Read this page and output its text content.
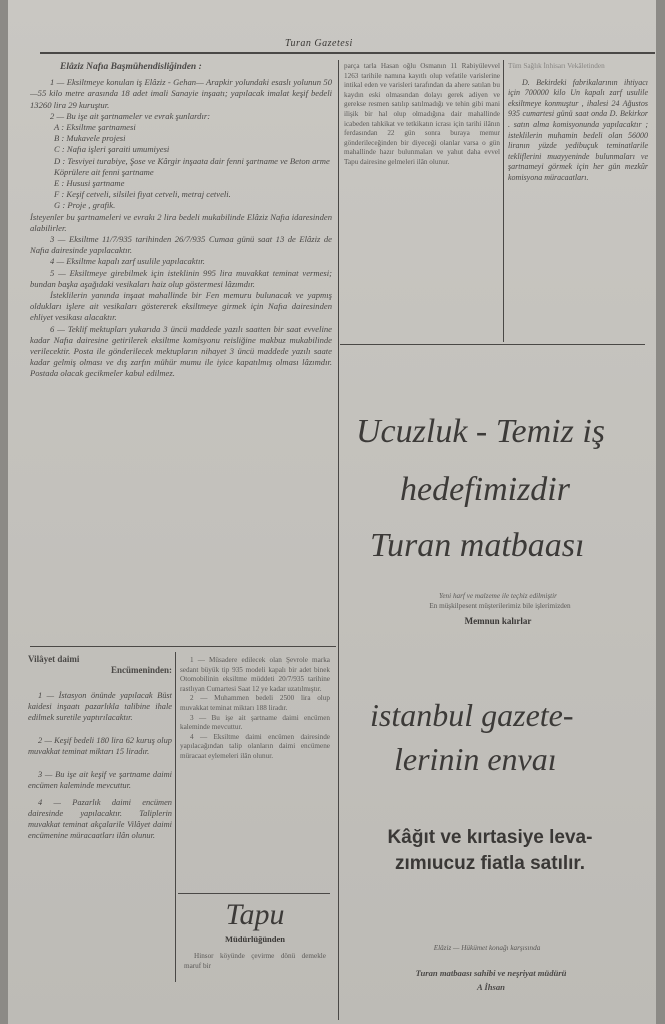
Turan Gazetesi

Elâziz Nafıa Başmühendisliğinden :

1 — Eksiltmeye konulan iş Elâziz - Gehan— Arapkir yolundaki esaslı yolunun 50—55 kilo metre arasında 18 adet imali Sanayie inşaatı; yapılacak imalat keşif bedeli 13260 lira 29 kuruştur.

2 — Bu işe ait şartnameler ve evrak şunlardır:

A : Eksiltme şartnamesi

B : Mukavele projesi

C : Nafıa işleri şaraiti umumiyesi

D : Tesviyei turabiye, Şose ve Kârgir inşaata dair fenni şartname ve Beton arme Köprülere ait fenni şartname

E : Hususi şartname

F : Keşif cetveli, silsilei fiyat cetveli, metraj cetveli.

G : Proje , grafik.

İsteyenler bu şartnameleri ve evrakı 2 lira bedeli mukabilinde Elâziz Nafıa idaresinden alabilirler.

3 — Eksiltme 11/7/935 tarihinden 26/7/935 Cumaa günü saat 13 de Elâziz de Nafıa dairesinde yapılacaktır.

4 — Eksiltme kapalı zarf usulile yapılacaktır.

5 — Eksiltmeye girebilmek için isteklinin 995 lira muvakkat teminat vermesi; bundan başka aşağıdaki vesikaları haiz olup göstermesi lâzımdır.

İsteklilerin yanında inşaat mahallinde bir Fen memuru bulunacak ve yapmış oldukları işlere ait vesikaları göstererek eksiltmeye girmek için Nafıa dairesinden ehliyet vesikası alacaktır.

6 — Teklif mektupları yukarıda 3 üncü maddede yazılı saatten bir saat evveline kadar Nafıa dairesine getirilerek eksiltme komisyonu reisliğine makbuz mukabilinde verilecektir. Posta ile gönderilecek mektupların nihayet 3 üncü maddede yazılı saate kadar gelmiş olması ve dış zarfın mühür mumu ile iyice kapatılmış olması lâzımdır. Postada olacak gecikmeler kabul edilmez.

Vilâyet daimi

Encümeninden:

1 — İstasyon önünde yapılacak Büst kaidesi inşaatı pazarlıkla talibine ihale edilmek suretile yaptırılacaktır.

2 — Keşif bedeli 180 lira 62 kuruş olup muvakkat teminat miktarı 15 liradır.

3 — Bu işe ait keşif ve şartname daimi encümen kaleminde mevcuttur.

4 — Pazarlık daimi encümen dairesinde yapılacaktır. Taliplerin muvakkat teminat akçalarile Vilâyet daimi encümenine müracaatları ilân olunur.

1 — Müsadere edilecek olan Şevrole marka sedant büyük tip 935 modeli kapalı bir adet binek Otomobilinin eksiltme müddeti 20/7/935 tarihine rastlıyan Cumartesi Saat 12 ye kadar uzatılmıştır.

2 — Muhammen bedeli 2500 lira olup muvakkat teminat miktarı 188 liradır.

3 — Bu işe ait şartname daimi encümen kaleminde mevcuttur.

4 — Eksiltme daimi encümen dairesinde yapılacağından talip olanların daimi encümene müracaat eylemeleri ilân olunur.

Tapu
Müdürlüğünden
Hinsor köyünde çevirme dönü demekle maruf bir
parça tarla Hasan oğlu Osmanın 11 Rabiyülevvel 1263 tarihile namına kayıtlı olup vefatile varislerine intikal eden ve varisleri tarafından da ahere satılan bu kaydın eski olmasından dolayı gerek adiyen ve gerekse resmen satılıp satılmadığı ve tehin gibi mani ilişik bir hal olup olmadığına dair mahallinde icabeden tahkikat ve tetkikatın icrası için tarihi ilânın ferdasından 22 gün sonra buraya memur gönderileceğinden bir diyeceği olanlar varsa o gün mahallinde hazır bulunmaları ve yahut daha evvel Tapu dairesine gelmeleri ilân olunur.

Tüm Sağlık İnhisarı Vekâletinden

D. Bekirdeki fabrikalarının ihtiyacı için 700000 kilo Un kapalı zarf usulile eksiltmeye konmuştur , ihalesi 24 Ağustos 935 cumartesi günü saat onda D. Bekirkor . satın alma komisyonunda yapılacaktır ; isteklilerin muhamin bedeli olan 56000 liranın yüzde yedibuçuk teminatlarile tekliflerini muayyeninde bulunmaları ve şartnameyi görmek için her gün mezkûr komisyona müracaatları.

Ucuzluk - Temiz iş
hedefimizdir
Turan matbaası
Yeni harf ve malzeme ile teçhiz edilmiştir
En müşkilpesent müşterilerimiz bile işlerimizden
Memnun kalırlar
istanbul gazete-
lerinin envaı
Kâğıt ve kırtasiye leva-
zımıucuz fiatla satılır.
Elâziz — Hükümet konağı karşısında
Turan matbaası sahibi ve neşriyat müdürü
A İhsan
